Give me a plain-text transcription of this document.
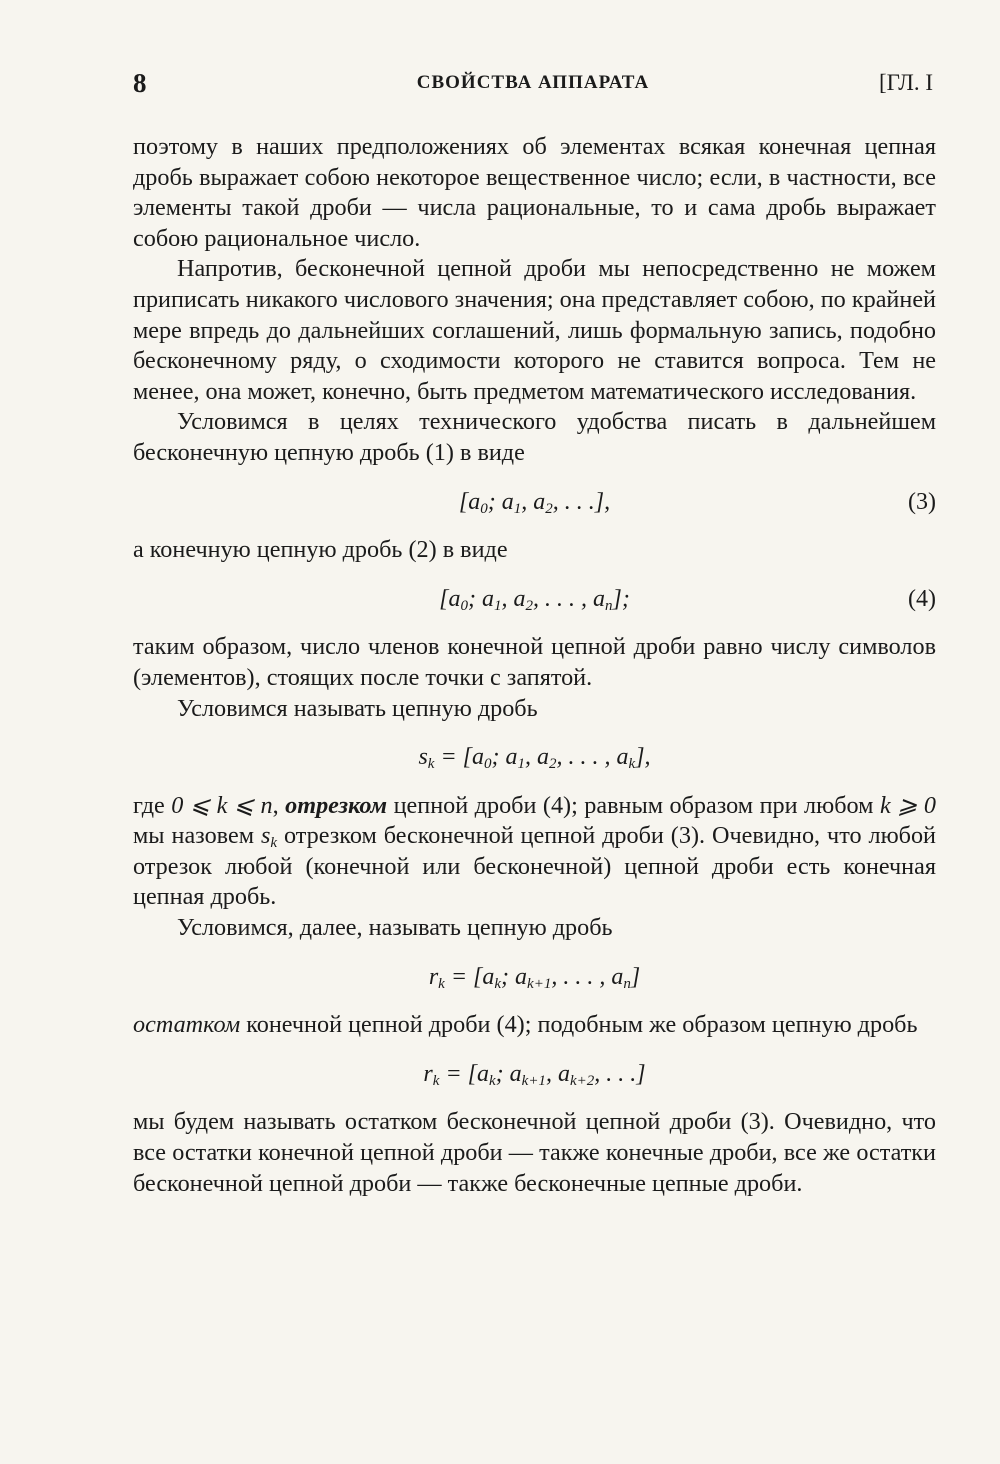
8	СВОЙСТВА АППАРАТА	[ГЛ. I

поэтому в наших предположениях об элементах всякая конечная цепная дробь выражает собою некоторое вещественное число; если, в частности, все элементы такой дроби — числа рациональные, то и сама дробь выражает собою рациональное число.

Напротив, бесконечной цепной дроби мы непосредственно не можем приписать никакого числового значения; она представляет собою, по крайней мере впредь до дальнейших соглашений, лишь формальную запись, подобно бесконечному ряду, о сходимости которого не ставится вопроса. Тем не менее, она может, конечно, быть предметом математического исследования.

Условимся в целях технического удобства писать в дальнейшем бесконечную цепную дробь (1) в виде

[$a_0$; $a_1$, $a_2$, . . .],	(3)

а конечную цепную дробь (2) в виде

[$a_0$; $a_1$, $a_2$, . . . , $a_n$];	(4)

таким образом, число членов конечной цепной дроби равно числу символов (элементов), стоящих после точки с запятой.

Условимся называть цепную дробь

$s_k = [a_0$; $a_1$, $a_2$, . . . , $a_k$],

где 0 ⩽ k ⩽ n, отрезком цепной дроби (4); равным образом при любом k ⩾ 0 мы назовем $s_k$ отрезком бесконечной цепной дроби (3). Очевидно, что любой отрезок любой (конечной или бесконечной) цепной дроби есть конечная цепная дробь.

Условимся, далее, называть цепную дробь

$r_k = [a_k$; $a_{k+1}$, . . . , $a_n$]

остатком конечной цепной дроби (4); подобным же образом цепную дробь

$r_k = [a_k$; $a_{k+1}$, $a_{k+2}$, . . .]

мы будем называть остатком бесконечной цепной дроби (3). Очевидно, что все остатки конечной цепной дроби — также конечные дроби, все же остатки бесконечной цепной дроби — также бесконечные цепные дроби.
